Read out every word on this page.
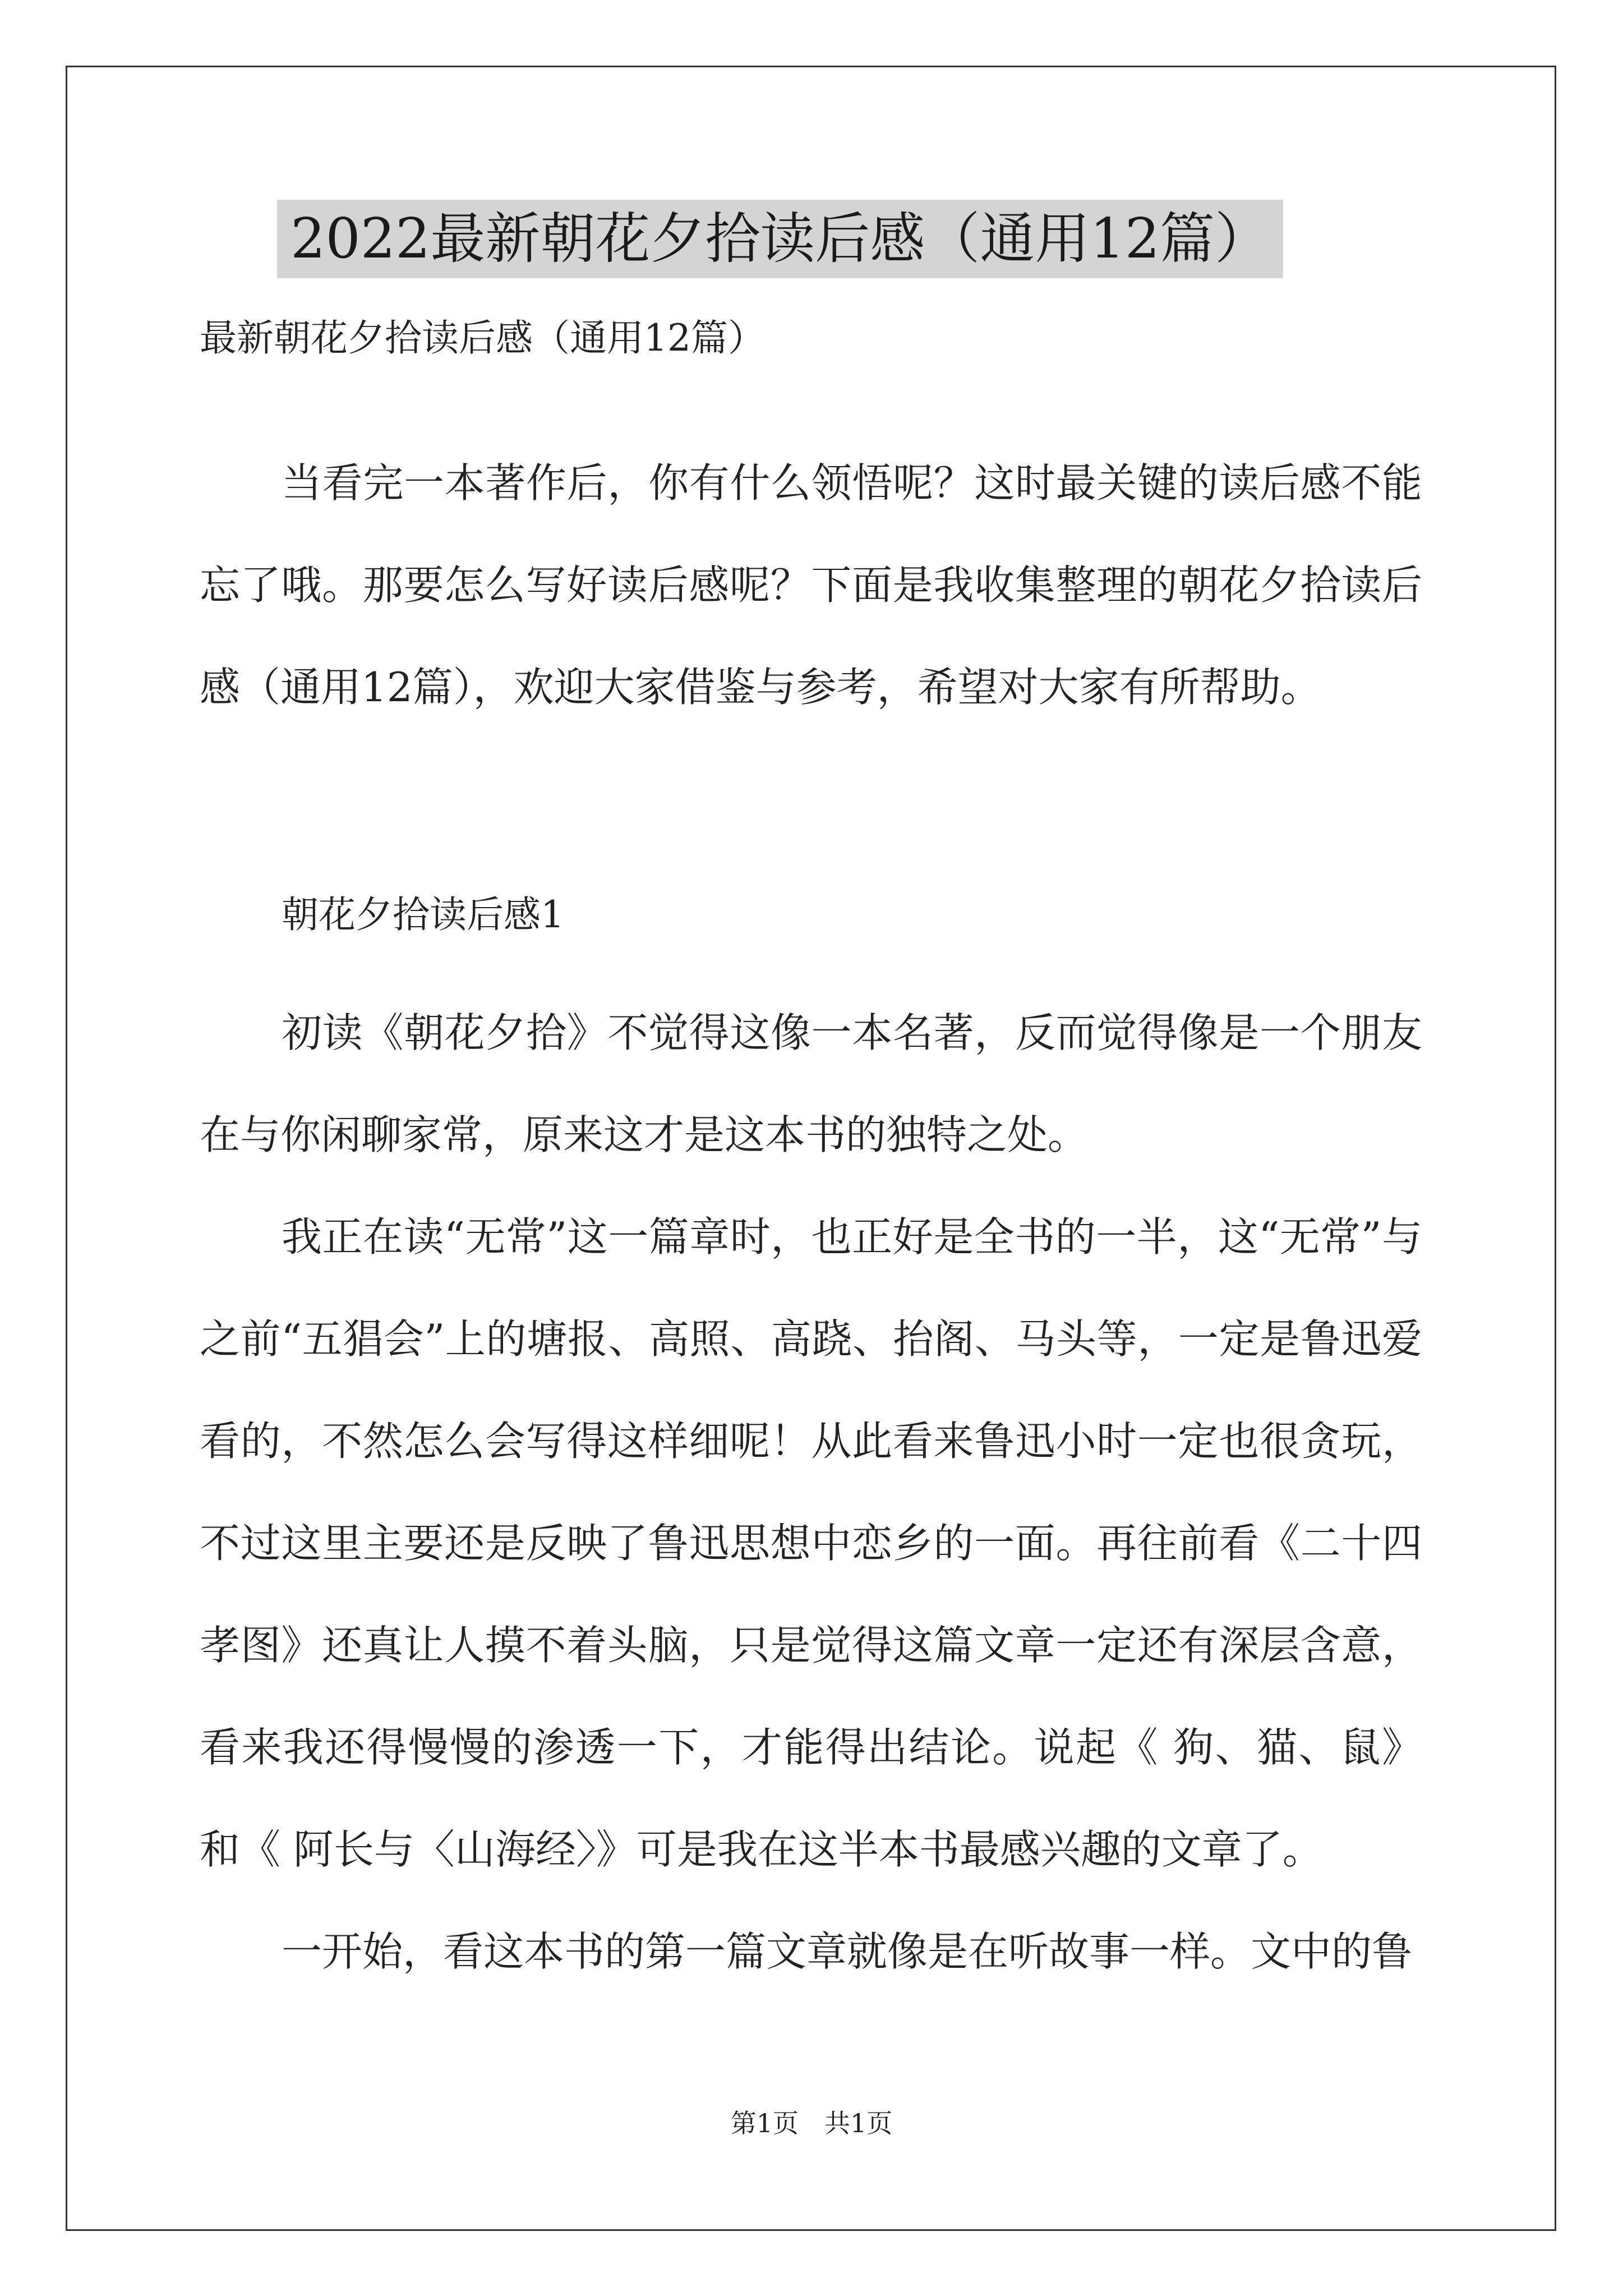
2022最新朝花夕拾读后感（通用12篇）
最新朝花夕拾读后感（通用12篇）

当看完一本著作后，你有什么领悟呢？这时最关键的读后感不能忘了哦。那要怎么写好读后感呢？下面是我收集整理的朝花夕拾读后感（通用12篇），欢迎大家借鉴与参考，希望对大家有所帮助。

朝花夕拾读后感1

初读《朝花夕拾》不觉得这像一本名著，反而觉得像是一个朋友在与你闲聊家常，原来这才是这本书的独特之处。

我正在读“无常”这一篇章时，也正好是全书的一半，这“无常”与之前“五猖会”上的塘报、高照、高跷、抬阁、马头等，一定是鲁迅爱看的，不然怎么会写得这样细呢！从此看来鲁迅小时一定也很贪玩，不过这里主要还是反映了鲁迅思想中恋乡的一面。再往前看《二十四孝图》还真让人摸不着头脑，只是觉得这篇文章一定还有深层含意，看来我还得慢慢的渗透一下，才能得出结论。说起《 狗、猫、鼠》和《 阿长与〈山海经〉》可是我在这半本书最感兴趣的文章了。

一开始，看这本书的第一篇文章就像是在听故事一样。文中的鲁

第1页　共1页
